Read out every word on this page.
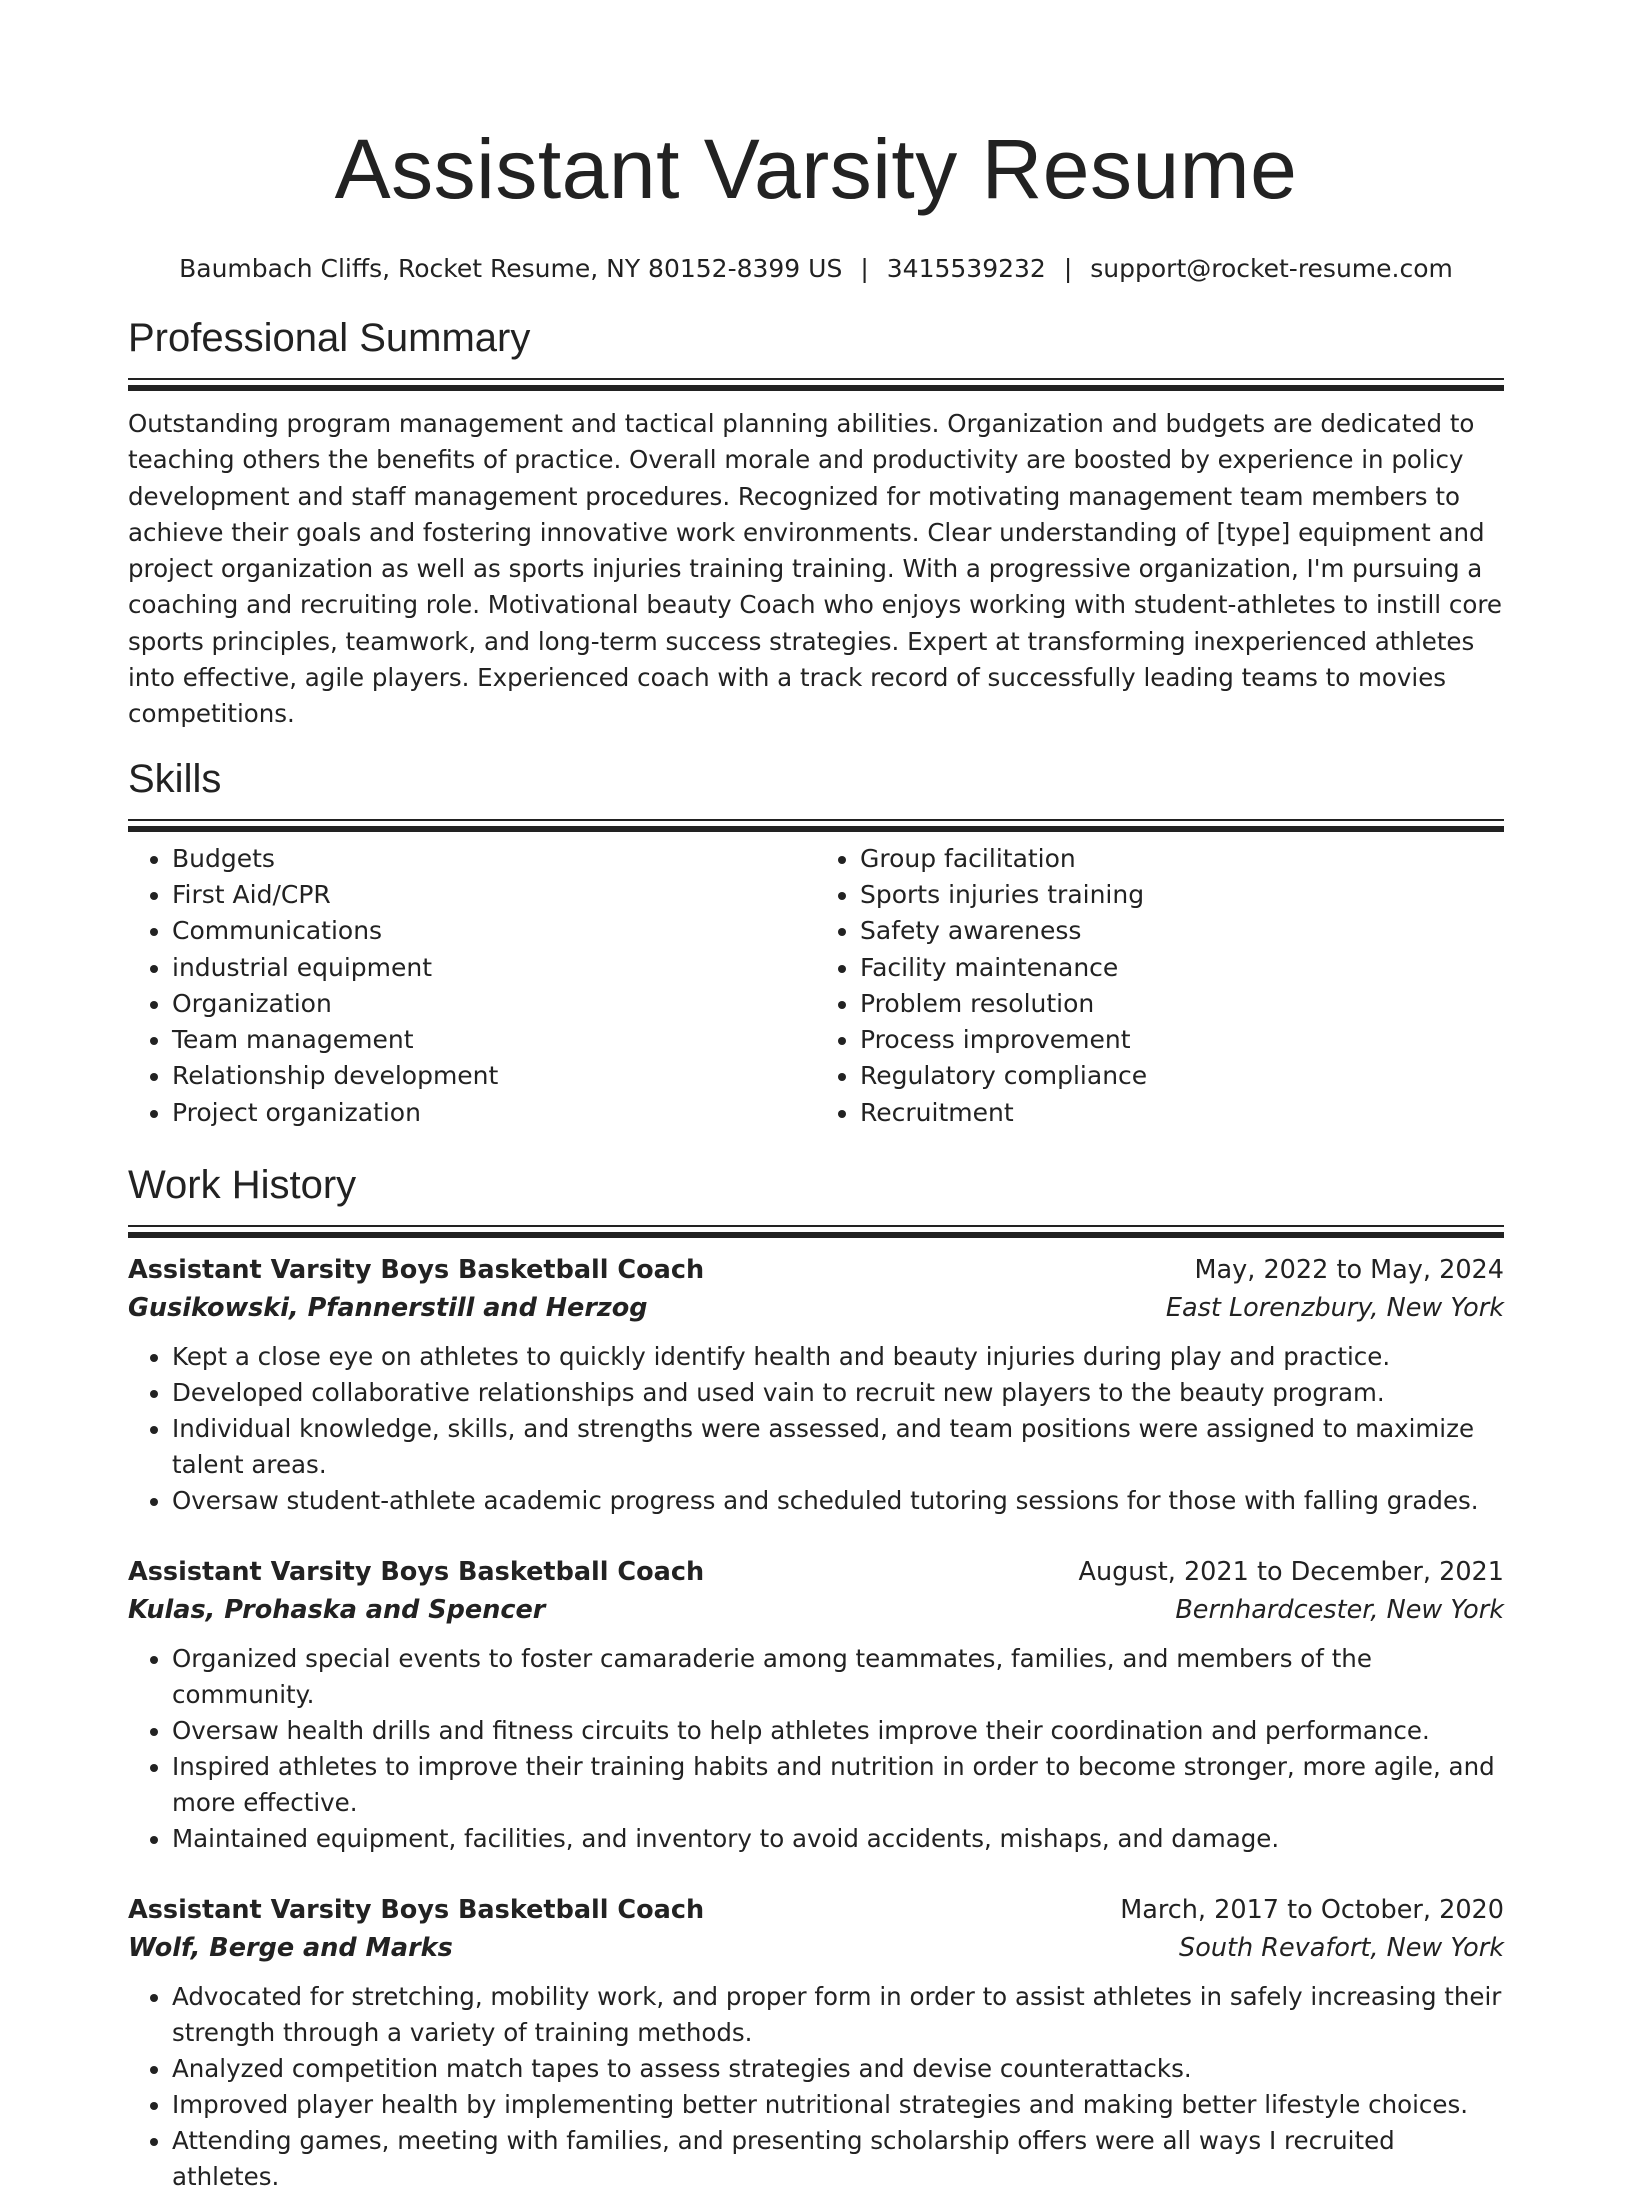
Assistant Varsity Resume
Baumbach Cliffs, Rocket Resume, NY 80152-8399 US | 3415539232 | support@rocket-resume.com
Professional Summary

Outstanding program management and tactical planning abilities. Organization and budgets are dedicated to teaching others the benefits of practice. Overall morale and productivity are boosted by experience in policy development and staff management procedures. Recognized for motivating management team members to achieve their goals and fostering innovative work environments. Clear understanding of [type] equipment and project organization as well as sports injuries training training. With a progressive organization, I'm pursuing a coaching and recruiting role. Motivational beauty Coach who enjoys working with student-athletes to instill core sports principles, teamwork, and long-term success strategies. Expert at transforming inexperienced athletes into effective, agile players. Experienced coach with a track record of successfully leading teams to movies competitions.

Skills
• Budgets
• First Aid/CPR
• Communications
• industrial equipment
• Organization
• Team management
• Relationship development
• Project organization
• Group facilitation
• Sports injuries training
• Safety awareness
• Facility maintenance
• Problem resolution
• Process improvement
• Regulatory compliance
• Recruitment
Work History
Assistant Varsity Boys Basketball Coach	May, 2022 to May, 2024
Gusikowski, Pfannerstill and Herzog	East Lorenzbury, New York
• Kept a close eye on athletes to quickly identify health and beauty injuries during play and practice.
• Developed collaborative relationships and used vain to recruit new players to the beauty program.
• Individual knowledge, skills, and strengths were assessed, and team positions were assigned to maximize talent areas.
• Oversaw student-athlete academic progress and scheduled tutoring sessions for those with falling grades.
Assistant Varsity Boys Basketball Coach	August, 2021 to December, 2021
Kulas, Prohaska and Spencer	Bernhardcester, New York
• Organized special events to foster camaraderie among teammates, families, and members of the community.
• Oversaw health drills and fitness circuits to help athletes improve their coordination and performance.
• Inspired athletes to improve their training habits and nutrition in order to become stronger, more agile, and more effective.
• Maintained equipment, facilities, and inventory to avoid accidents, mishaps, and damage.
Assistant Varsity Boys Basketball Coach	March, 2017 to October, 2020
Wolf, Berge and Marks	South Revafort, New York
• Advocated for stretching, mobility work, and proper form in order to assist athletes in safely increasing their strength through a variety of training methods.
• Analyzed competition match tapes to assess strategies and devise counterattacks.
• Improved player health by implementing better nutritional strategies and making better lifestyle choices.
• Attending games, meeting with families, and presenting scholarship offers were all ways I recruited athletes.
